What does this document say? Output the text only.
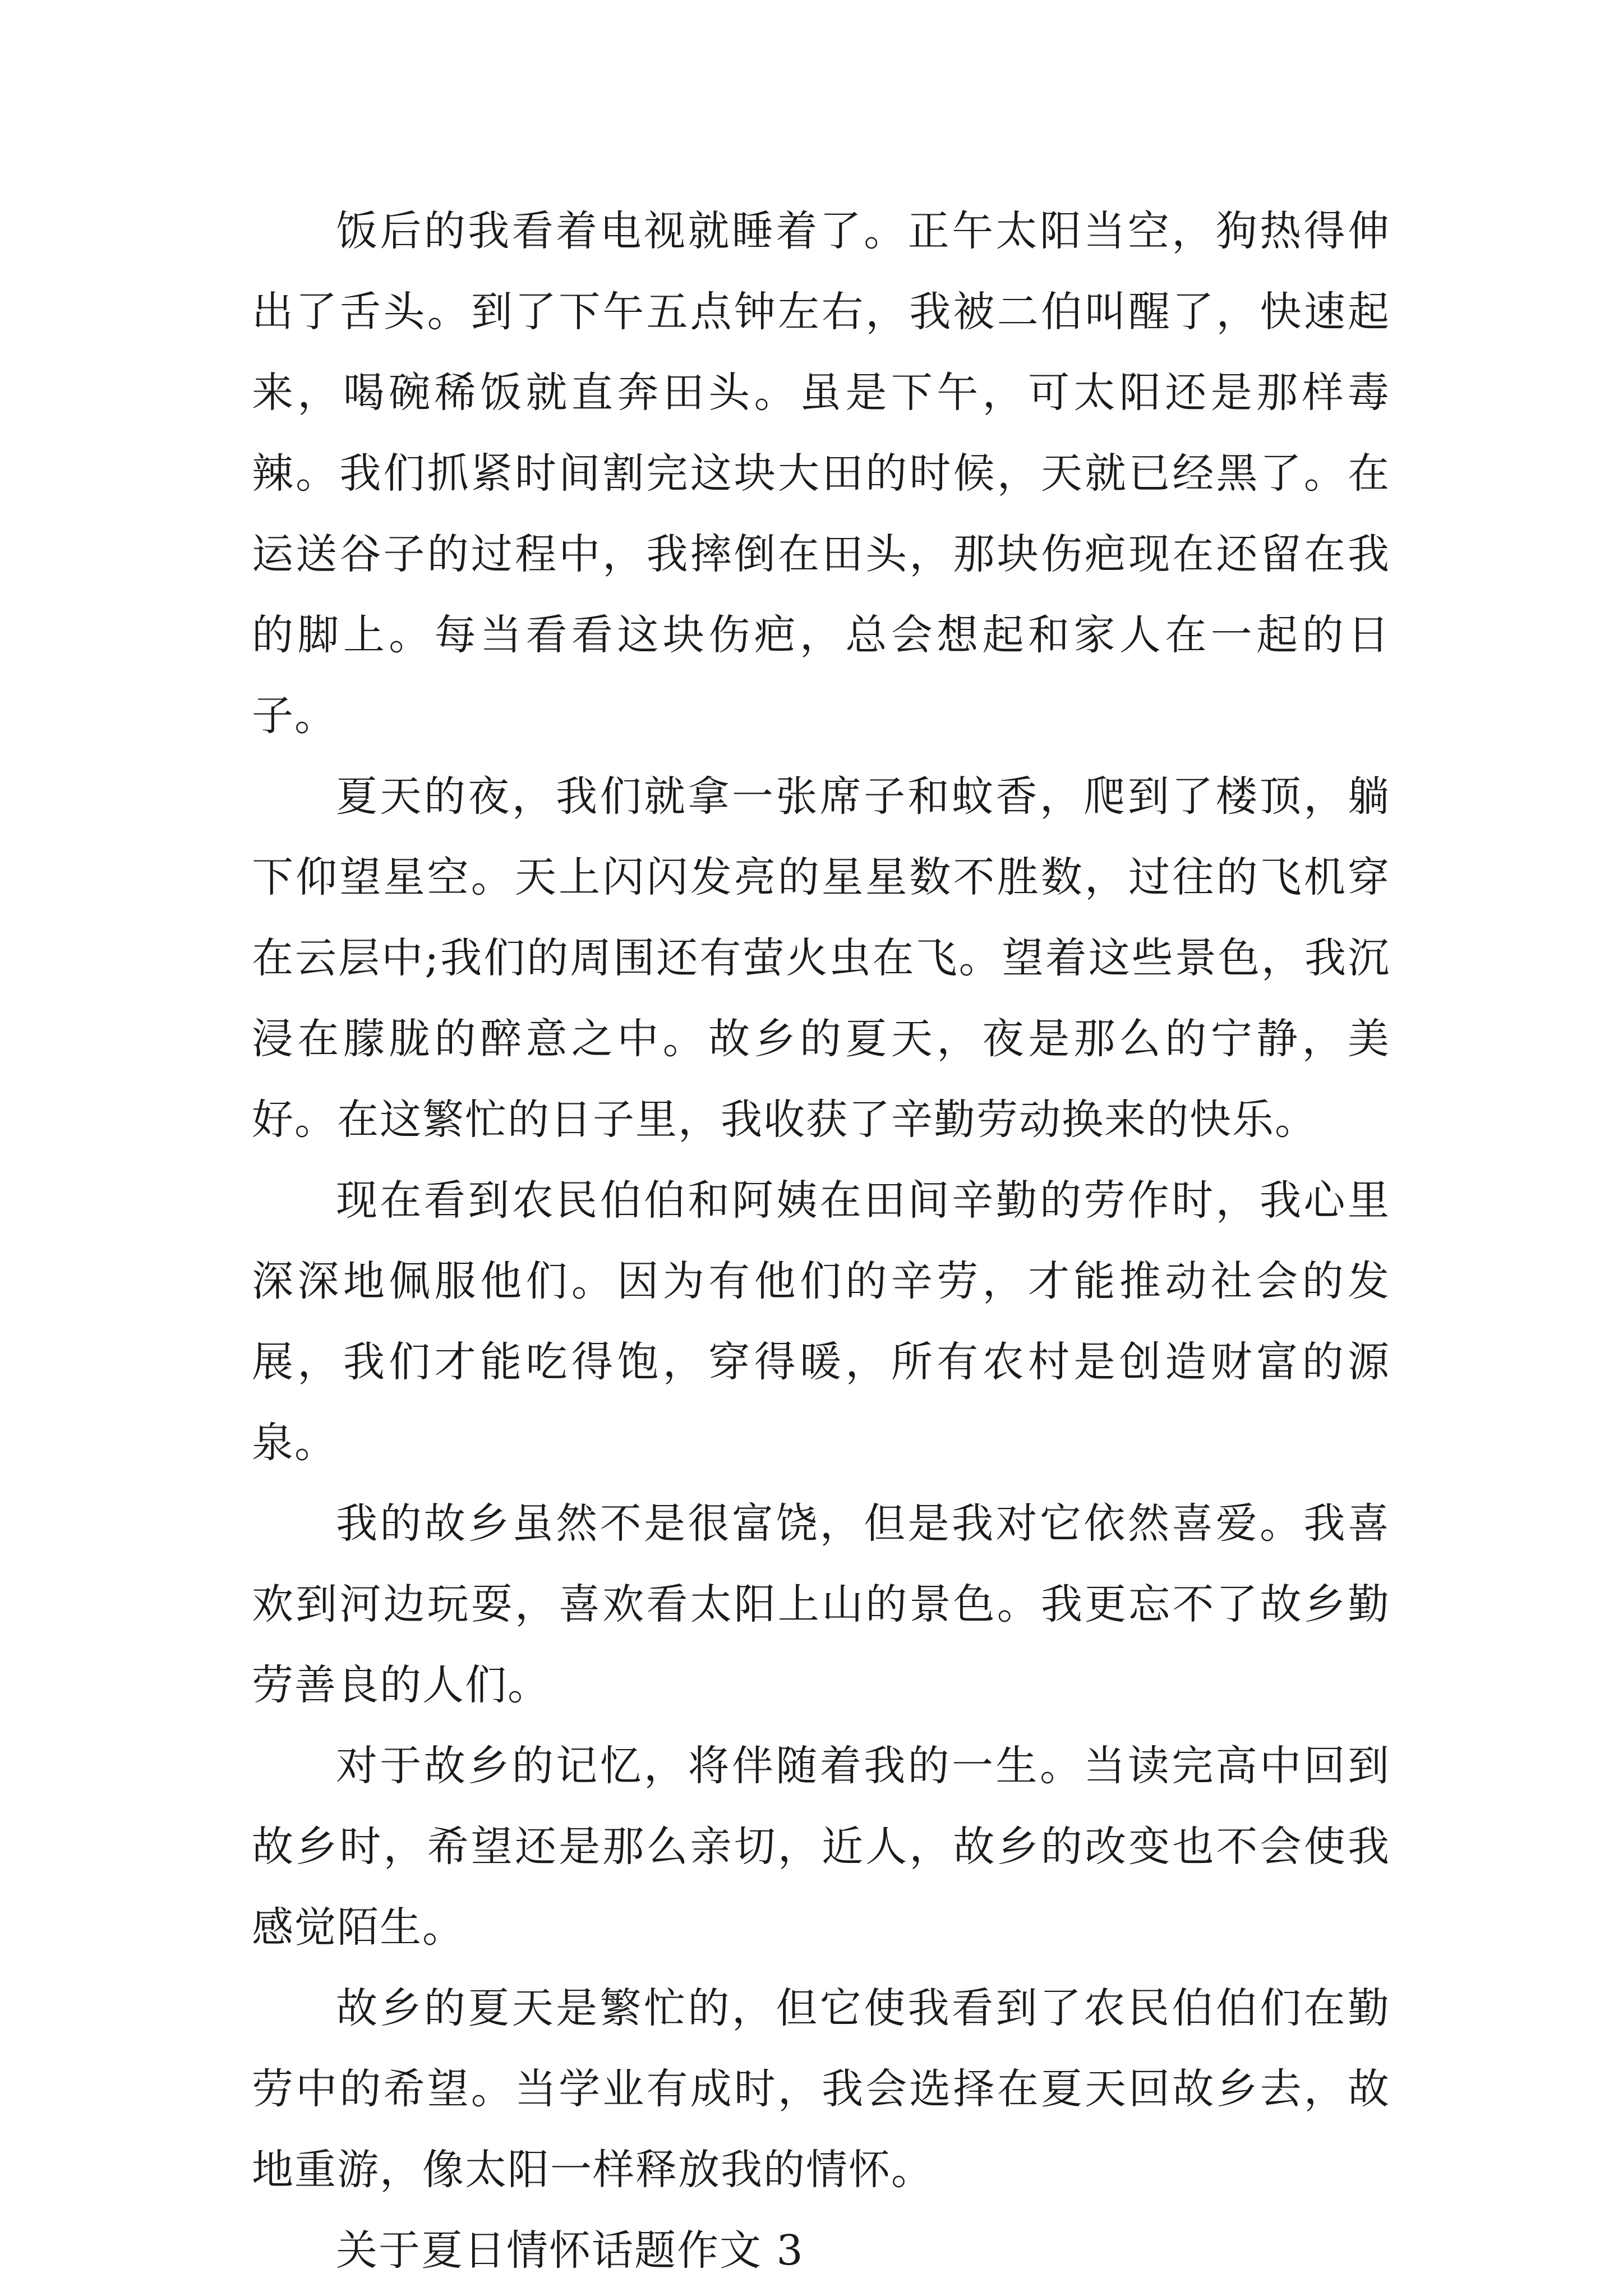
饭后的我看着电视就睡着了。正午太阳当空，狗热得伸出了舌头。到了下午五点钟左右，我被二伯叫醒了，快速起来，喝碗稀饭就直奔田头。虽是下午，可太阳还是那样毒辣。我们抓紧时间割完这块大田的时候，天就已经黑了。在运送谷子的过程中，我摔倒在田头，那块伤疤现在还留在我的脚上。每当看看这块伤疤，总会想起和家人在一起的日子。

夏天的夜，我们就拿一张席子和蚊香，爬到了楼顶，躺下仰望星空。天上闪闪发亮的星星数不胜数，过往的飞机穿在云层中;我们的周围还有萤火虫在飞。望着这些景色，我沉浸在朦胧的醉意之中。故乡的夏天，夜是那么的宁静，美好。在这繁忙的日子里，我收获了辛勤劳动换来的快乐。

现在看到农民伯伯和阿姨在田间辛勤的劳作时，我心里深深地佩服他们。因为有他们的辛劳，才能推动社会的发展，我们才能吃得饱，穿得暖，所有农村是创造财富的源泉。

我的故乡虽然不是很富饶，但是我对它依然喜爱。我喜欢到河边玩耍，喜欢看太阳上山的景色。我更忘不了故乡勤劳善良的人们。

对于故乡的记忆，将伴随着我的一生。当读完高中回到故乡时，希望还是那么亲切，近人，故乡的改变也不会使我感觉陌生。

故乡的夏天是繁忙的，但它使我看到了农民伯伯们在勤劳中的希望。当学业有成时，我会选择在夏天回故乡去，故地重游，像太阳一样释放我的情怀。

关于夏日情怀话题作文 3
